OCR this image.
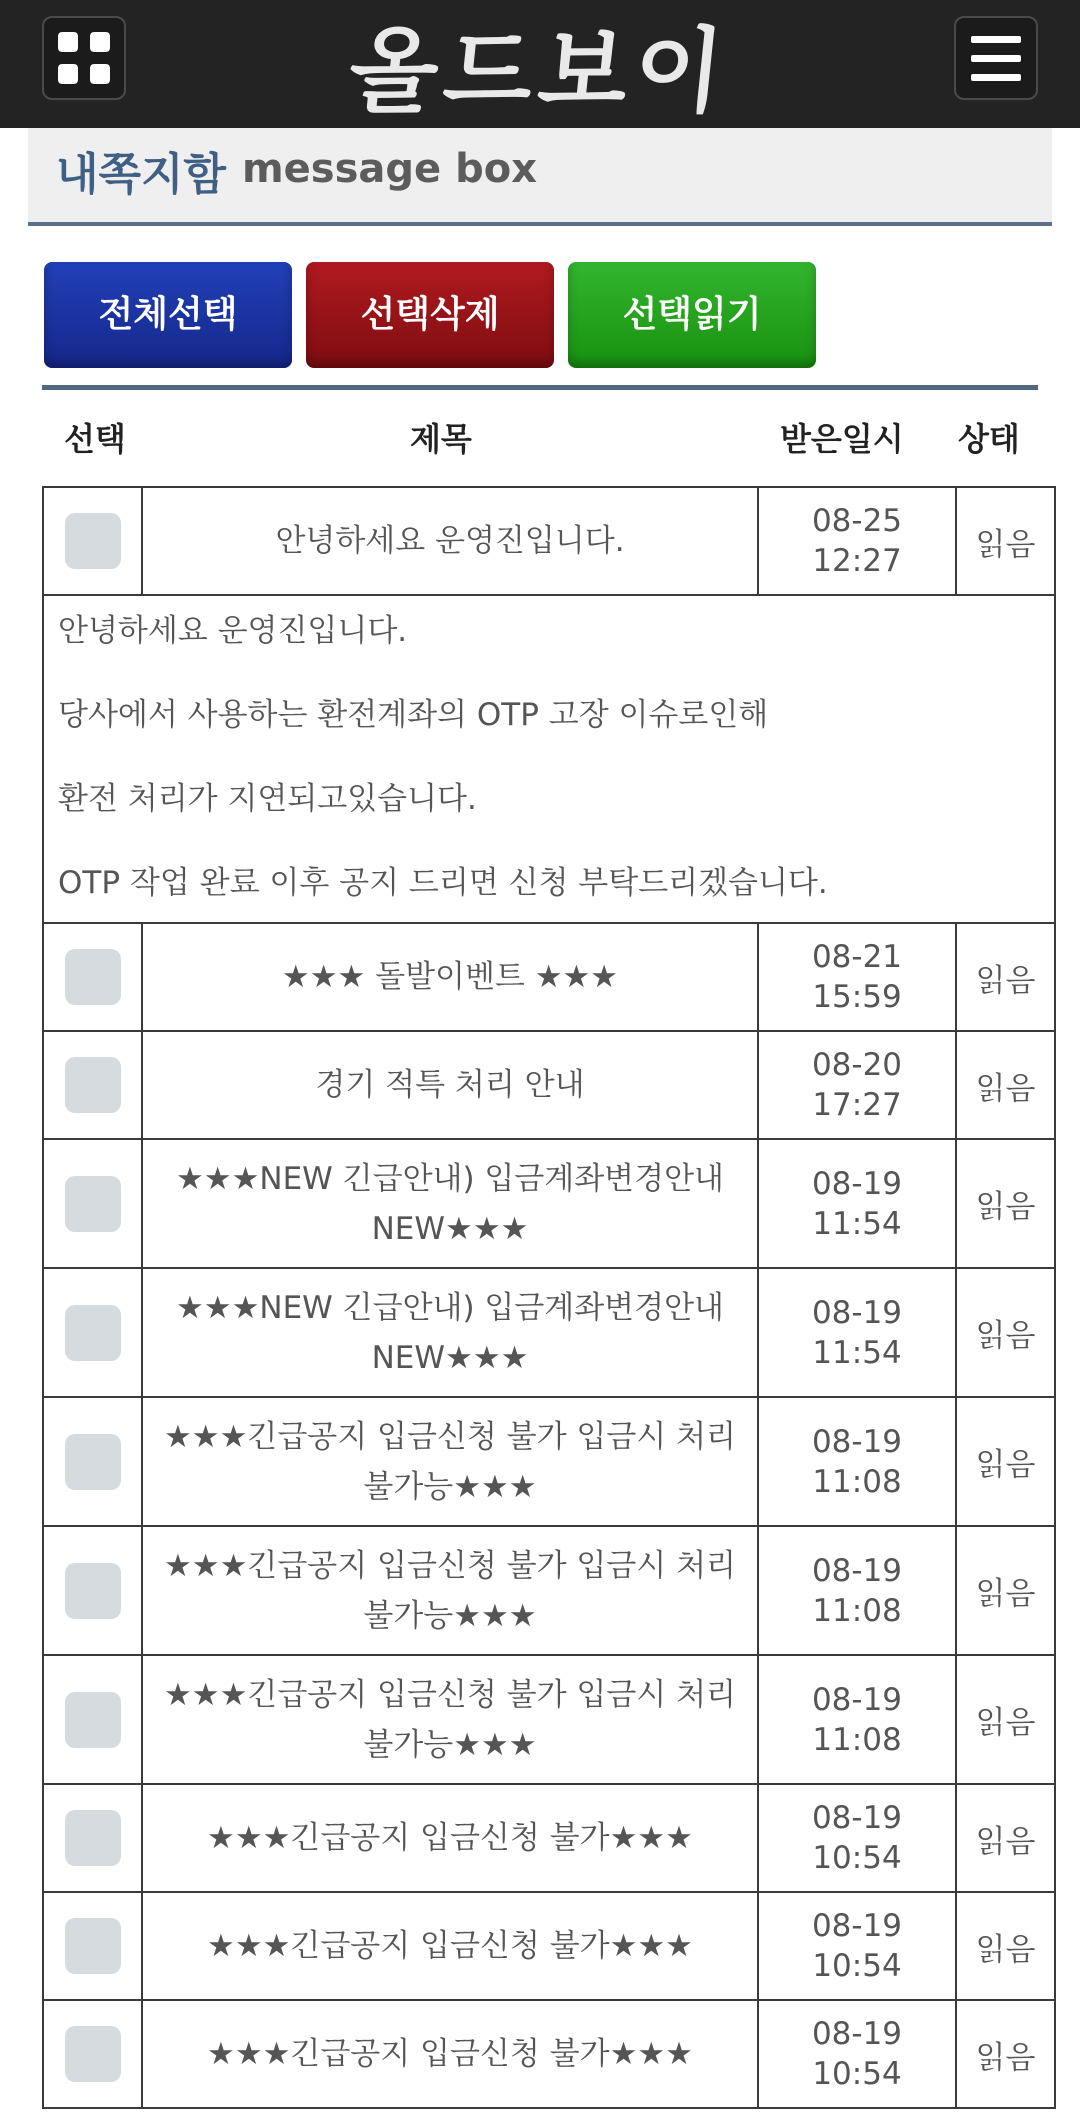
올드보이
내쪽지함 message box
전체선택	선택삭제	선택읽기
선택	제목	받은일시 상태
	안녕하세요 운영진입니다.	08-25
12:27	읽음

안녕하세요 운영진입니다.

당사에서 사용하는 환전계좌의 OTP 고장 이슈로인해

환전 처리가 지연되고있습니다.

OTP 작업 완료 이후 공지 드리면 신청 부탁드리겠습니다.			

	★★★ 돌발이벤트 ★★★	08-21
15:59	읽음
	경기 적특 처리 안내	08-20
17:27	읽음
	★★★NEW 긴급안내) 입금계좌변경안내 NEW★★★	08-19
11:54	읽음
	★★★NEW 긴급안내) 입금계좌변경안내 NEW★★★	08-19
11:54	읽음
	★★★긴급공지 입금신청 불가 입금시 처리불가능★★★	08-19
11:08	읽음
	★★★긴급공지 입금신청 불가 입금시 처리불가능★★★	08-19
11:08	읽음
	★★★긴급공지 입금신청 불가 입금시 처리불가능★★★	08-19
11:08	읽음
	★★★긴급공지 입금신청 불가★★★	08-19
10:54	읽음
	★★★긴급공지 입금신청 불가★★★	08-19
10:54	읽음
	★★★긴급공지 입금신청 불가★★★	08-19
10:54	읽음
